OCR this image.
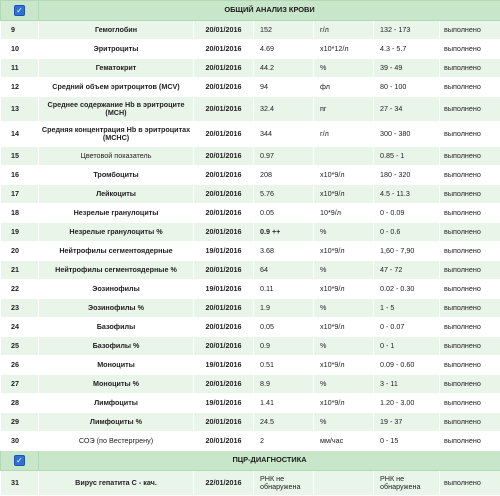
✓	ОБЩИЙ АНАЛИЗ КРОВИ					
9	Гемоглобин	20/01/2016	152	г/л	132 - 173	выполнено
10	Эритроциты	20/01/2016	4.69	х10*12/л	4.3 - 5.7	выполнено
11	Гематокрит	20/01/2016	44.2	%	39 - 49	выполнено
12	Средний объем эритроцитов (MCV)	20/01/2016	94	фл	80 - 100	выполнено
13	Среднее содержание Hb в эритроците (MCH)	20/01/2016	32.4	пг	27 - 34	выполнено
14	Средняя концентрация Hb в эритроцитах (MCHC)	20/01/2016	344	г/л	300 - 380	выполнено
15	Цветовой показатель	20/01/2016	0.97		0.85 - 1	выполнено
16	Тромбоциты	20/01/2016	208	х10*9/л	180 - 320	выполнено
17	Лейкоциты	20/01/2016	5.76	х10*9/л	4.5 - 11.3	выполнено
18	Незрелые гранулоциты	20/01/2016	0.05	10*9/л	0 - 0.09	выполнено
19	Незрелые гранулоциты %	20/01/2016	0.9 ++	%	0 - 0.6	выполнено
20	Нейтрофилы сегментоядерные	19/01/2016	3.68	х10*9/л	1,60 - 7,90	выполнено
21	Нейтрофилы сегментоядерные %	20/01/2016	64	%	47 - 72	выполнено
22	Эозинофилы	19/01/2016	0.11	х10*9/л	0.02 - 0.30	выполнено
23	Эозинофилы %	20/01/2016	1.9	%	1 - 5	выполнено
24	Базофилы	20/01/2016	0.05	х10*9/л	0 - 0.07	выполнено
25	Базофилы %	20/01/2016	0.9	%	0 - 1	выполнено
26	Моноциты	19/01/2016	0.51	х10*9/л	0.09 - 0.60	выполнено
27	Моноциты %	20/01/2016	8.9	%	3 - 11	выполнено
28	Лимфоциты	19/01/2016	1.41	х10*9/л	1.20 - 3.00	выполнено
29	Лимфоциты %	20/01/2016	24.5	%	19 - 37	выполнено
30	СОЭ (по Вестергрену)	20/01/2016	2	мм/час	0 - 15	выполнено
✓	ПЦР-ДИАГНОСТИКА					
31	Вирус гепатита С - кач.	22/01/2016	РНК не обнаружена		РНК не обнаружена	выполнено
